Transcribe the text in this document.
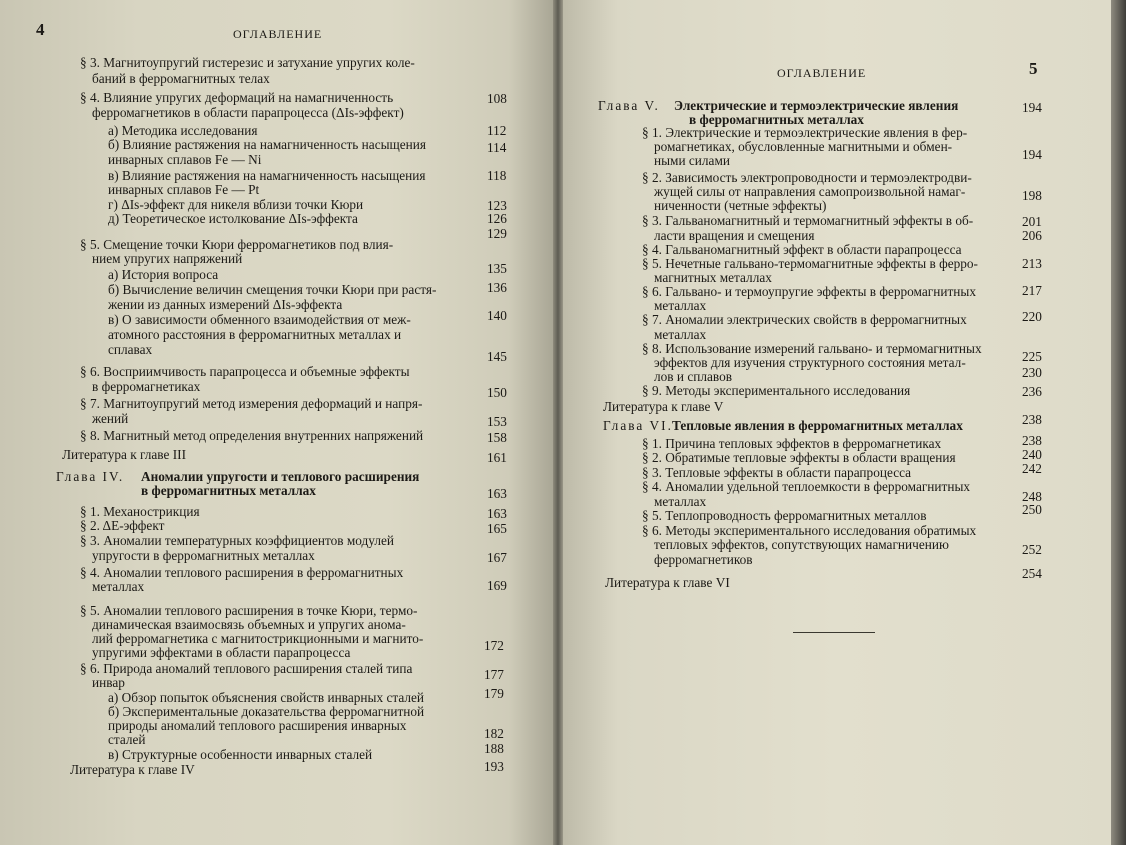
4	ОГЛАВЛЕНИЕ
§ 3. Магнитоупругий гистерезис и затухание упругих коле-
баний в ферромагнитных телах
§ 4. Влияние упругих деформаций на намагниченность
ферромагнетиков в области парапроцесса (ΔIs-эффект)
а) Методика исследования
б) Влияние растяжения на намагниченность насыщения
инварных сплавов Fe — Ni
в) Влияние растяжения на намагниченность насыщения
инварных сплавов Fe — Pt
г) ΔIs-эффект для никеля вблизи точки Кюри
д) Теоретическое истолкование ΔIs-эффекта
§ 5. Смещение точки Кюри ферромагнетиков под влия-
нием упругих напряжений
а) История вопроса
б) Вычисление величин смещения точки Кюри при растя-
жении из данных измерений ΔIs-эффекта
в) О зависимости обменного взаимодействия от меж-
атомного расстояния в ферромагнитных металлах и
сплавах
§ 6. Восприимчивость парапроцесса и объемные эффекты
в ферромагнетиках
§ 7. Магнитоупругий метод измерения деформаций и напря-
жений
§ 8. Магнитный метод определения внутренних напряжений
Литература к главе III
Глава IV. Аномалии упругости и теплового расширения
в ферромагнитных металлах
§ 1. Механострикция
§ 2. ΔE-эффект
§ 3. Аномалии температурных коэффициентов модулей
упругости в ферромагнитных металлах
§ 4. Аномалии теплового расширения в ферромагнитных
металлах
§ 5. Аномалии теплового расширения в точке Кюри, термо-
динамическая взаимосвязь объемных и упругих анома-
лий ферромагнетика с магнитострикционными и магнито-
упругими эффектами в области парапроцесса
§ 6. Природа аномалий теплового расширения сталей типа
инвар
а) Обзор попыток объяснения свойств инварных сталей
б) Экспериментальные доказательства ферромагнитной
природы аномалий теплового расширения инварных
сталей
в) Структурные особенности инварных сталей
Литература к главе IV
108
112
114
118
123
126
129
135
136
140
145
150
153
158
161
163
163
165
167
169
172
177
179
182
188
193
ОГЛАВЛЕНИЕ	5
Глава V. Электрические и термоэлектрические явления
в ферромагнитных металлах
§ 1. Электрические и термоэлектрические явления в фер-
ромагнетиках, обусловленные магнитными и обмен-
ными силами
§ 2. Зависимость электропроводности и термоэлектродви-
жущей силы от направления самопроизвольной намаг-
ниченности (четные эффекты)
§ 3. Гальваномагнитный и термомагнитный эффекты в об-
ласти вращения и смещения
§ 4. Гальваномагнитный эффект в области парапроцесса
§ 5. Нечетные гальвано-термомагнитные эффекты в ферро-
магнитных металлах
§ 6. Гальвано- и термоупругие эффекты в ферромагнитных
металлах
§ 7. Аномалии электрических свойств в ферромагнитных
металлах
§ 8. Использование измерений гальвано- и термомагнитных
эффектов для изучения структурного состояния метал-
лов и сплавов
§ 9. Методы экспериментального исследования
Литература к главе V
Глава VI. Тепловые явления в ферромагнитных металлах
§ 1. Причина тепловых эффектов в ферромагнетиках
§ 2. Обратимые тепловые эффекты в области вращения
§ 3. Тепловые эффекты в области парапроцесса
§ 4. Аномалии удельной теплоемкости в ферромагнитных
металлах
§ 5. Теплопроводность ферромагнитных металлов
§ 6. Методы экспериментального исследования обратимых
тепловых эффектов, сопутствующих намагничению
ферромагнетиков
Литература к главе VI
194
194
198
201
206
213
217
220
225
230
236
238
238
240
242
248
250
252
254
